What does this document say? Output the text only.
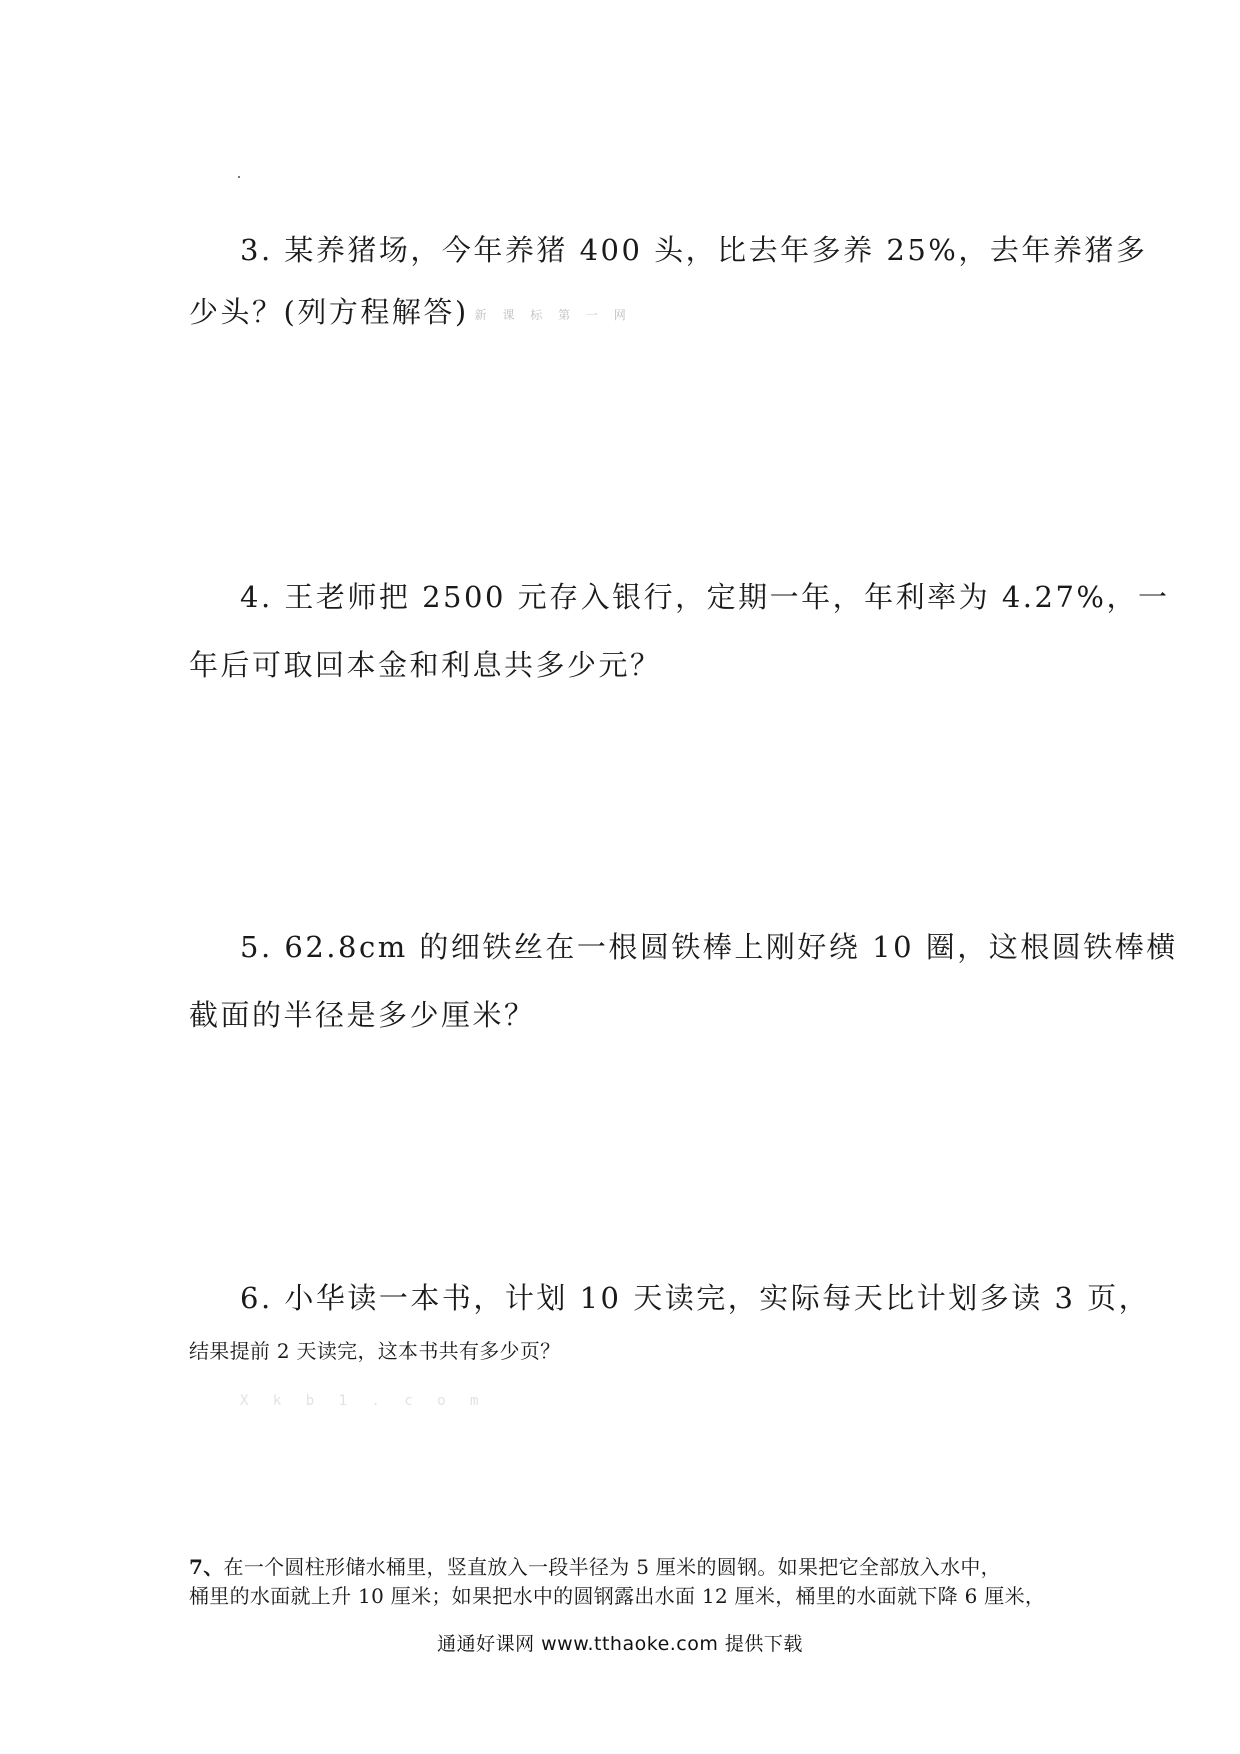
3. 某养猪场，今年养猪 400 头，比去年多养 25%，去年养猪多
少头？(列方程解答) 新 课 标 第 一 网
4. 王老师把 2500 元存入银行，定期一年，年利率为 4.27%，一
年后可取回本金和利息共多少元？
5. 62.8cm 的细铁丝在一根圆铁棒上刚好绕 10 圈，这根圆铁棒横
截面的半径是多少厘米？
6. 小华读一本书，计划 10 天读完，实际每天比计划多读 3 页，
结果提前 2 天读完，这本书共有多少页？
X k b 1 . c o m
7、在一个圆柱形储水桶里，竖直放入一段半径为 5 厘米的圆钢。如果把它全部放入水中，
桶里的水面就上升 10 厘米；如果把水中的圆钢露出水面 12 厘米，桶里的水面就下降 6 厘米，
通通好课网 www.tthaoke.com 提供下载
